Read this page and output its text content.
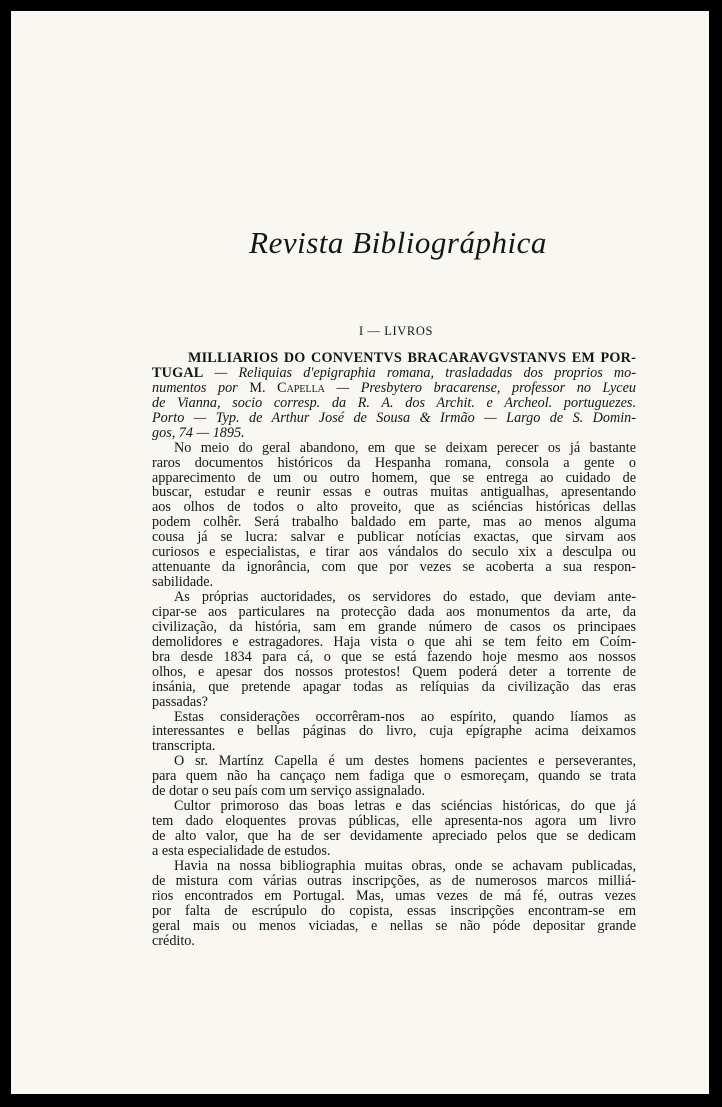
Revista Bibliográphica
I — LIVROS
MILLIARIOS DO CONVENTVS BRACARAVGVSTANVS EM POR-
TUGAL — Reliquias d'epigraphia romana, trasladadas dos proprios mo-
numentos por M. Capella — Presbytero bracarense, professor no Lyceu
de Vianna, socio corresp. da R. A. dos Archit. e Archeol. portuguezes.
Porto — Typ. de Arthur José de Sousa & Irmão — Largo de S. Domin-
gos, 74 — 1895.
No meio do geral abandono, em que se deixam perecer os já bastante
raros documentos históricos da Hespanha romana, consola a gente o
apparecimento de um ou outro homem, que se entrega ao cuidado de
buscar, estudar e reunir essas e outras muitas antigualhas, apresentando
aos olhos de todos o alto proveito, que as sciéncias históricas dellas
podem colhêr. Será trabalho baldado em parte, mas ao menos alguma
cousa já se lucra: salvar e publicar notícias exactas, que sirvam aos
curiosos e especialistas, e tirar aos vándalos do seculo xix a desculpa ou
attenuante da ignorância, com que por vezes se acoberta a sua respon-
sabilidade.
As próprias auctoridades, os servidores do estado, que deviam ante-
cipar-se aos particulares na protecção dada aos monumentos da arte, da
civilização, da história, sam em grande número de casos os principaes
demolidores e estragadores. Haja vista o que ahi se tem feito em Coím-
bra desde 1834 para cá, o que se está fazendo hoje mesmo aos nossos
olhos, e apesar dos nossos protestos! Quem poderá deter a torrente de
insánia, que pretende apagar todas as relíquias da civilização das eras
passadas?
Estas considerações occorrêram-nos ao espírito, quando líamos as
interessantes e bellas páginas do livro, cuja epígraphe acima deixamos
transcripta.
O sr. Martínz Capella é um destes homens pacientes e perseverantes,
para quem não ha cançaço nem fadiga que o esmoreçam, quando se trata
de dotar o seu país com um serviço assignalado.
Cultor primoroso das boas letras e das sciéncias históricas, do que já
tem dado eloquentes provas públicas, elle apresenta-nos agora um livro
de alto valor, que ha de ser devidamente apreciado pelos que se dedicam
a esta especialidade de estudos.
Havia na nossa bibliographia muitas obras, onde se achavam publicadas,
de mistura com várias outras inscripções, as de numerosos marcos milliá-
rios encontrados em Portugal. Mas, umas vezes de má fé, outras vezes
por falta de escrúpulo do copista, essas inscripções encontram-se em
geral mais ou menos viciadas, e nellas se não póde depositar grande
crédito.
